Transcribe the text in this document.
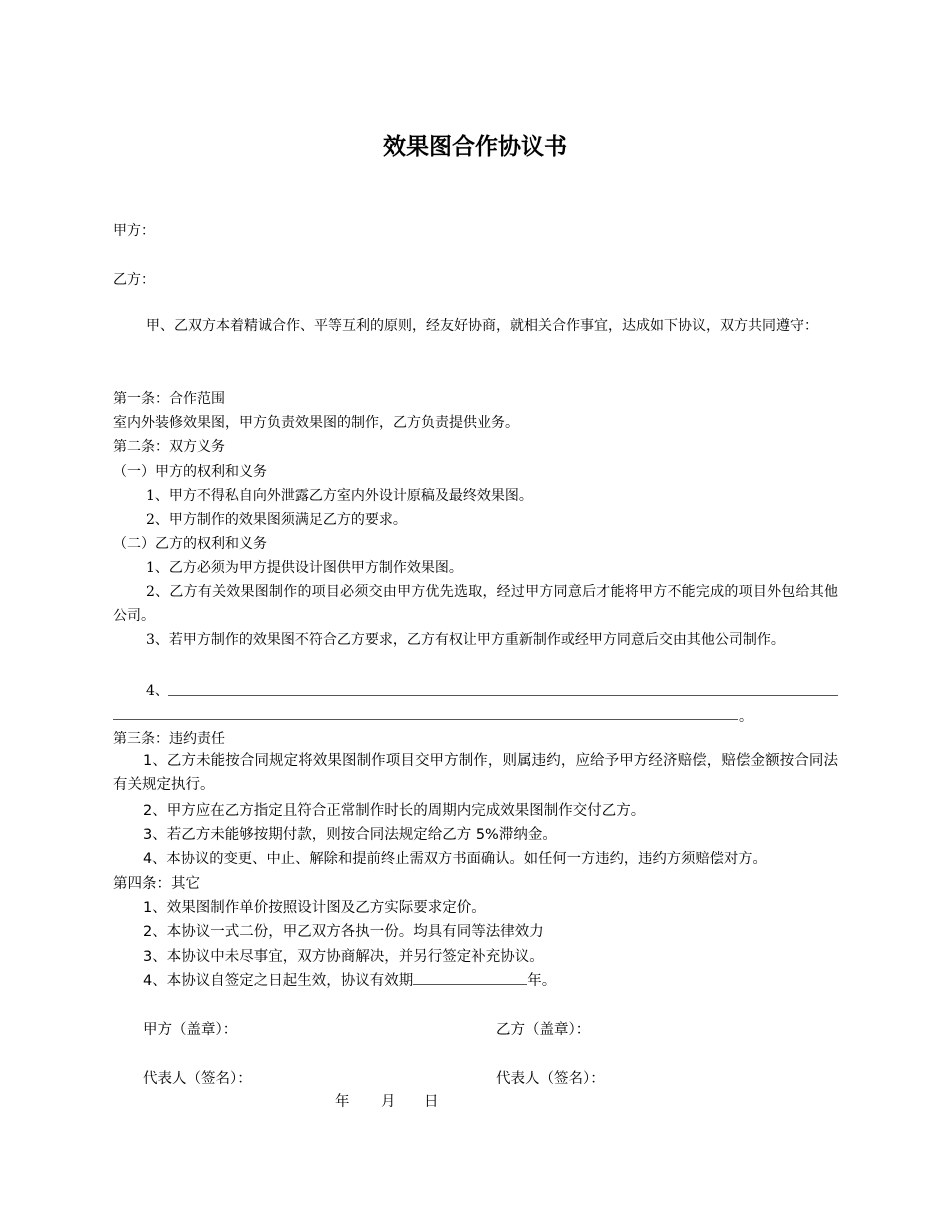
效果图合作协议书
甲方：
乙方：
甲、乙双方本着精诚合作、平等互利的原则，经友好协商，就相关合作事宜，达成如下协议，双方共同遵守：
第一条：合作范围
室内外装修效果图，甲方负责效果图的制作，乙方负责提供业务。
第二条：双方义务
（一）甲方的权利和义务
1、甲方不得私自向外泄露乙方室内外设计原稿及最终效果图。
2、甲方制作的效果图须满足乙方的要求。
（二）乙方的权利和义务
1、乙方必须为甲方提供设计图供甲方制作效果图。
2、乙方有关效果图制作的项目必须交由甲方优先选取，经过甲方同意后才能将甲方不能完成的项目外包给其他公司。
3、若甲方制作的效果图不符合乙方要求，乙方有权让甲方重新制作或经甲方同意后交由其他公司制作。
4、
。
第三条：违约责任
1、乙方未能按合同规定将效果图制作项目交甲方制作，则属违约，应给予甲方经济赔偿，赔偿金额按合同法有关规定执行。
2、甲方应在乙方指定且符合正常制作时长的周期内完成效果图制作交付乙方。
3、若乙方未能够按期付款，则按合同法规定给乙方 5%滞纳金。
4、本协议的变更、中止、解除和提前终止需双方书面确认。如任何一方违约，违约方须赔偿对方。
第四条：其它
1、效果图制作单价按照设计图及乙方实际要求定价。
2、本协议一式二份，甲乙双方各执一份。均具有同等法律效力
3、本协议中未尽事宜，双方协商解决，并另行签定补充协议。
4、本协议自签定之日起生效，协议有效期	年。
甲方（盖章）：	乙方（盖章）：
代表人（签名）：	代表人（签名）：
年 月 日
